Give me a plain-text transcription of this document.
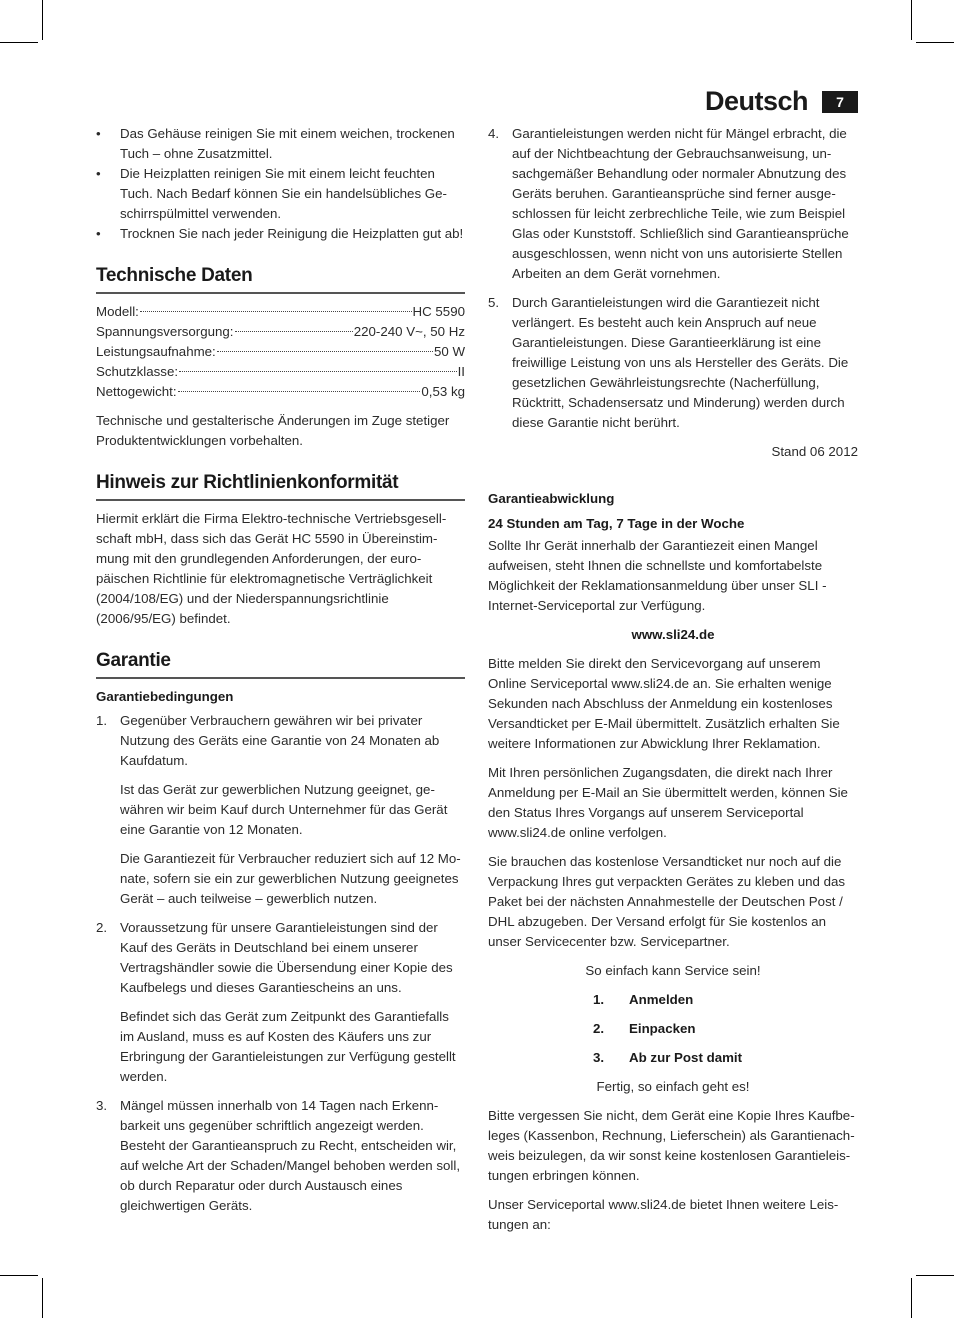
Deutsch	7
• Das Gehäuse reinigen Sie mit einem weichen, trockenen Tuch – ohne Zusatzmittel.
• Die Heizplatten reinigen Sie mit einem leicht feuchten Tuch. Nach Bedarf können Sie ein handelsübliches Geschirrspülmittel verwenden.
• Trocknen Sie nach jeder Reinigung die Heizplatten gut ab!
Technische Daten
Modell:	HC 5590
Spannungsversorgung:	220-240 V~, 50 Hz
Leistungsaufnahme:	50 W
Schutzklasse:	II
Nettogewicht:	0,53 kg

Technische und gestalterische Änderungen im Zuge stetiger Produktentwicklungen vorbehalten.

Hinweis zur Richtlinienkonformität

Hiermit erklärt die Firma Elektro-technische Vertriebsgesellschaft mbH, dass sich das Gerät HC 5590 in Übereinstimmung mit den grundlegenden Anforderungen, der europäischen Richtlinie für elektromagnetische Verträglichkeit (2004/108/EG) und der Niederspannungsrichtlinie (2006/95/EG) befindet.

Garantie
Garantiebedingungen
1. Gegenüber Verbrauchern gewähren wir bei privater Nutzung des Geräts eine Garantie von 24 Monaten ab Kaufdatum.

Ist das Gerät zur gewerblichen Nutzung geeignet, gewähren wir beim Kauf durch Unternehmer für das Gerät eine Garantie von 12 Monaten.

Die Garantiezeit für Verbraucher reduziert sich auf 12 Monate, sofern sie ein zur gewerblichen Nutzung geeignetes Gerät – auch teilweise – gewerblich nutzen.

2. Voraussetzung für unsere Garantieleistungen sind der Kauf des Geräts in Deutschland bei einem unserer Vertragshändler sowie die Übersendung einer Kopie des Kaufbelegs und dieses Garantiescheins an uns.

Befindet sich das Gerät zum Zeitpunkt des Garantiefalls im Ausland, muss es auf Kosten des Käufers uns zur Erbringung der Garantieleistungen zur Verfügung gestellt werden.

3. Mängel müssen innerhalb von 14 Tagen nach Erkennbarkeit uns gegenüber schriftlich angezeigt werden. Besteht der Garantieanspruch zu Recht, entscheiden wir, auf welche Art der Schaden/Mangel behoben werden soll, ob durch Reparatur oder durch Austausch eines gleichwertigen Geräts.

4. Garantieleistungen werden nicht für Mängel erbracht, die auf der Nichtbeachtung der Gebrauchsanweisung, unsachgemäßer Behandlung oder normaler Abnutzung des Geräts beruhen. Garantieansprüche sind ferner ausgeschlossen für leicht zerbrechliche Teile, wie zum Beispiel Glas oder Kunststoff. Schließlich sind Garantieansprüche ausgeschlossen, wenn nicht von uns autorisierte Stellen Arbeiten an dem Gerät vornehmen.

5. Durch Garantieleistungen wird die Garantiezeit nicht verlängert. Es besteht auch kein Anspruch auf neue Garantieleistungen. Diese Garantieerklärung ist eine freiwillige Leistung von uns als Hersteller des Geräts. Die gesetzlichen Gewährleistungsrechte (Nacherfüllung, Rücktritt, Schadensersatz und Minderung) werden durch diese Garantie nicht berührt.

Stand 06 2012

Garantieabwicklung

24 Stunden am Tag, 7 Tage in der Woche

Sollte Ihr Gerät innerhalb der Garantiezeit einen Mangel aufweisen, steht Ihnen die schnellste und komfortabelste Möglichkeit der Reklamationsanmeldung über unser SLI - Internet-Serviceportal zur Verfügung.

www.sli24.de

Bitte melden Sie direkt den Servicevorgang auf unserem Online Serviceportal www.sli24.de an. Sie erhalten wenige Sekunden nach Abschluss der Anmeldung ein kostenloses Versandticket per E-Mail übermittelt. Zusätzlich erhalten Sie weitere Informationen zur Abwicklung Ihrer Reklamation.

Mit Ihren persönlichen Zugangsdaten, die direkt nach Ihrer Anmeldung per E-Mail an Sie übermittelt werden, können Sie den Status Ihres Vorgangs auf unserem Serviceportal www.sli24.de online verfolgen.

Sie brauchen das kostenlose Versandticket nur noch auf die Verpackung Ihres gut verpackten Gerätes zu kleben und das Paket bei der nächsten Annahmestelle der Deutschen Post / DHL abzugeben. Der Versand erfolgt für Sie kostenlos an unser Servicecenter bzw. Servicepartner.

So einfach kann Service sein!

1.	Anmelden
2.	Einpacken
3.	Ab zur Post damit

Fertig, so einfach geht es!

Bitte vergessen Sie nicht, dem Gerät eine Kopie Ihres Kaufbeleges (Kassenbon, Rechnung, Lieferschein) als Garantienachweis beizulegen, da wir sonst keine kostenlosen Garantieleistungen erbringen können.

Unser Serviceportal www.sli24.de bietet Ihnen weitere Leistungen an:
